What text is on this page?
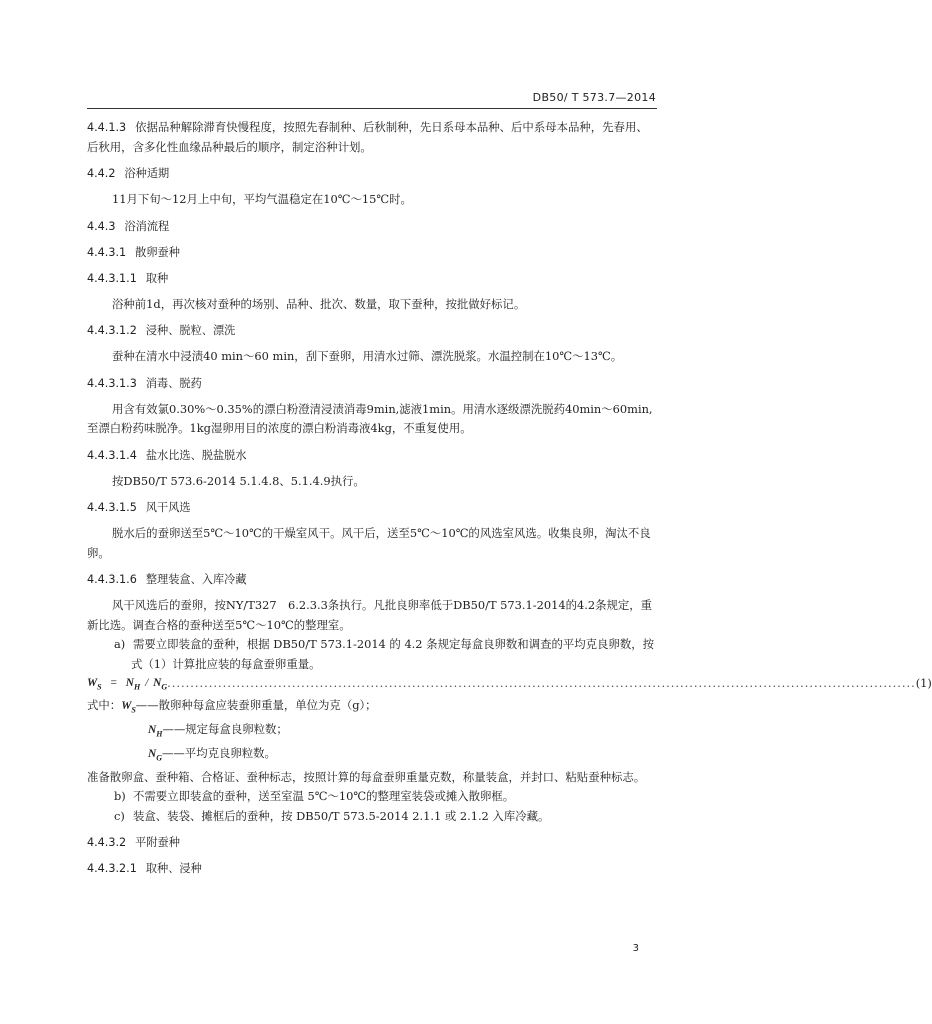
DB50/ T 573.7—2014

4.4.1.3 依据品种解除滞育快慢程度，按照先春制种、后秋制种，先日系母本品种、后中系母本品种，先春用、后秋用，含多化性血缘品种最后的顺序，制定浴种计划。

4.4.2 浴种适期

11月下旬～12月上中旬，平均气温稳定在10℃～15℃时。

4.4.3 浴消流程

4.4.3.1 散卵蚕种

4.4.3.1.1 取种

浴种前1d，再次核对蚕种的场别、品种、批次、数量，取下蚕种，按批做好标记。

4.4.3.1.2 浸种、脱粒、漂洗

蚕种在清水中浸渍40 min～60 min，刮下蚕卵，用清水过筛、漂洗脱浆。水温控制在10℃～13℃。

4.4.3.1.3 消毒、脱药

用含有效氯0.30%～0.35%的漂白粉澄清浸渍消毒9min,滤液1min。用清水逐级漂洗脱药40min～60min,至漂白粉药味脱净。1kg湿卵用目的浓度的漂白粉消毒液4kg，不重复使用。

4.4.3.1.4 盐水比选、脱盐脱水

按DB50/T 573.6-2014 5.1.4.8、5.1.4.9执行。

4.4.3.1.5 风干风选

脱水后的蚕卵送至5℃～10℃的干燥室风干。风干后，送至5℃～10℃的风选室风选。收集良卵，淘汰不良卵。

4.4.3.1.6 整理装盒、入库冷藏

风干风选后的蚕卵，按NY/T327　6.2.3.3条执行。凡批良卵率低于DB50/T 573.1-2014的4.2条规定，重新比选。调查合格的蚕种送至5℃～10℃的整理室。

a) 需要立即装盒的蚕种，根据 DB50/T 573.1-2014 的 4.2 条规定每盒良卵数和调查的平均克良卵数，按式（1）计算批应装的每盒蚕卵重量。

$W_S = N_H / N_G$ .................................................................................................................................................................. (1)

式中：$W_S——$散卵种每盒应装蚕卵重量，单位为克（g）；

$N_H——$规定每盒良卵粒数；

$N_G——$平均克良卵粒数。

准备散卵盒、蚕种箱、合格证、蚕种标志，按照计算的每盒蚕卵重量克数，称量装盒，并封口、粘贴蚕种标志。

b) 不需要立即装盒的蚕种，送至室温 5℃～10℃的整理室装袋或摊入散卵框。

c) 装盒、装袋、摊框后的蚕种，按 DB50/T 573.5-2014 2.1.1 或 2.1.2 入库冷藏。

4.4.3.2 平附蚕种

4.4.3.2.1 取种、浸种

3
